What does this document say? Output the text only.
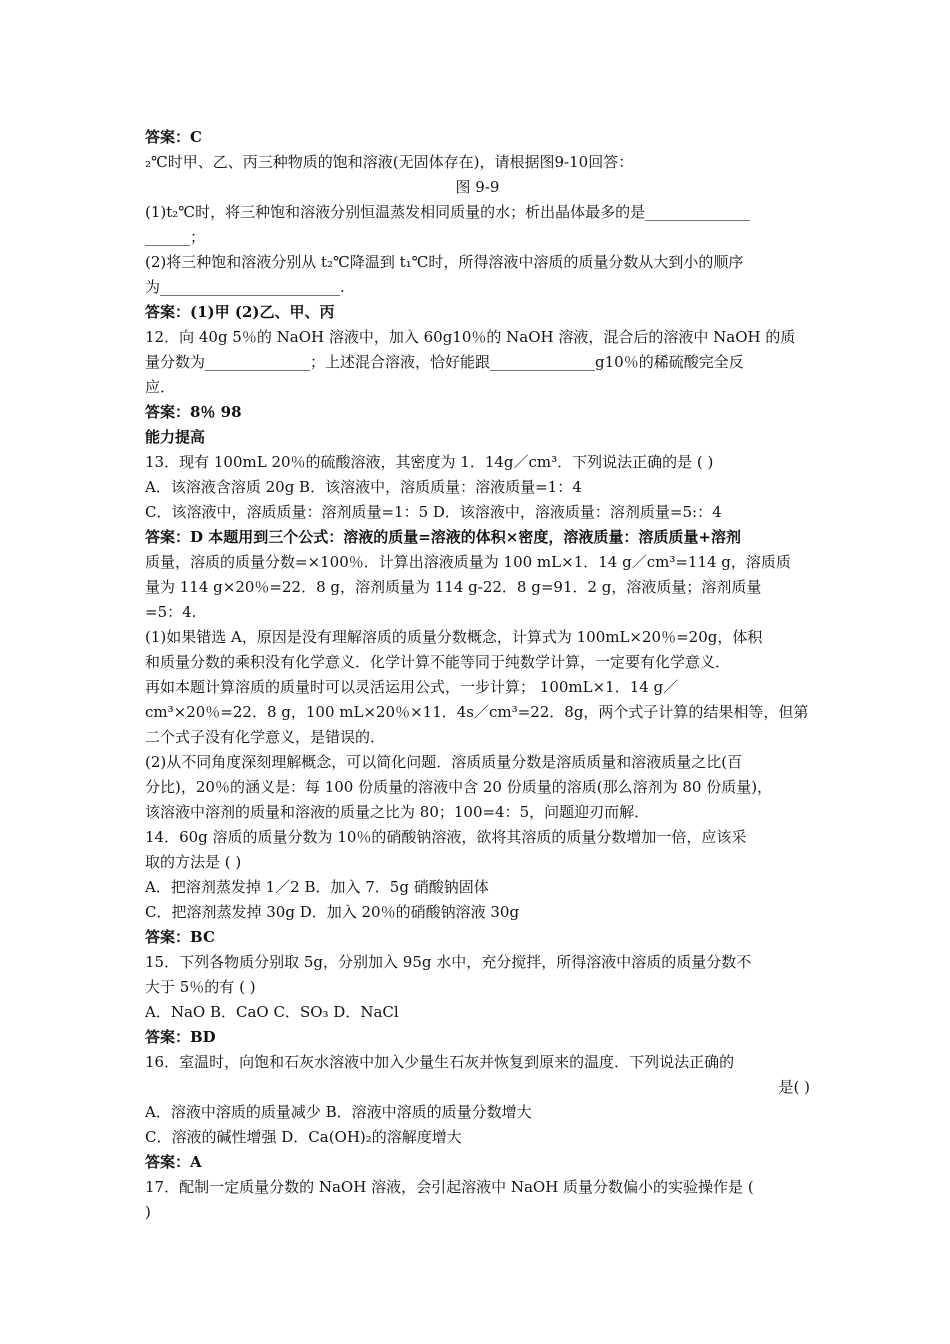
答案：C
₂℃时甲、乙、丙三种物质的饱和溶液(无固体存在)，请根据图9-10回答：
图 9-9
(1)t₂℃时，将三种饱和溶液分别恒温蒸发相同质量的水；析出晶体最多的是______________
______；
(2)将三种饱和溶液分别从 t₂℃降温到 t₁℃时，所得溶液中溶质的质量分数从大到小的顺序
为________________________.
答案：(1)甲 (2)乙、甲、丙
12．向 40g 5％的 NaOH 溶液中，加入 60g10％的 NaOH 溶液，混合后的溶液中 NaOH 的质
量分数为______________；上述混合溶液，恰好能跟______________g10％的稀硫酸完全反
应．
答案：8％ 98
能力提高
13．现有 100mL 20％的硫酸溶液，其密度为 1．14g／cm³．下列说法正确的是 ( )
A．该溶液含溶质 20g B．该溶液中，溶质质量：溶液质量=1：4
C．该溶液中，溶质质量：溶剂质量=1：5 D．该溶液中，溶液质量：溶剂质量=5:：4
答案：D 本题用到三个公式：溶液的质量=溶液的体积×密度，溶液质量：溶质质量+溶剂
质量，溶质的质量分数=×100％．计算出溶液质量为 100 mL×1．14 g／cm³=114 g，溶质质
量为 114 g×20％=22．8 g，溶剂质量为 114 g-22．8 g=91．2 g，溶液质量；溶剂质量
=5：4.
(1)如果错选 A，原因是没有理解溶质的质量分数概念，计算式为 100mL×20％=20g，体积
和质量分数的乘积没有化学意义．化学计算不能等同于纯数学计算，一定要有化学意义．
再如本题计算溶质的质量时可以灵活运用公式，一步计算； 100mL×1．14 g／
cm³×20％=22．8 g，100 mL×20％×11．4s／cm³=22．8g，两个式子计算的结果相等，但第
二个式子没有化学意义，是错误的．
(2)从不同角度深刻理解概念，可以简化问题．溶质质量分数是溶质质量和溶液质量之比(百
分比)，20％的涵义是：每 100 份质量的溶液中含 20 份质量的溶质(那么溶剂为 80 份质量)，
该溶液中溶剂的质量和溶液的质量之比为 80；100=4：5，问题迎刃而解．
14．60g 溶质的质量分数为 10％的硝酸钠溶液，欲将其溶质的质量分数增加一倍，应该采
取的方法是 ( )
A．把溶剂蒸发掉 1／2 B．加入 7．5g 硝酸钠固体
C．把溶剂蒸发掉 30g D．加入 20％的硝酸钠溶液 30g
答案：BC
15．下列各物质分别取 5g，分别加入 95g 水中，充分搅拌，所得溶液中溶质的质量分数不
大于 5％的有 ( )
A．NaO B．CaO C．SO₃ D．NaCl
答案：BD
16．室温时，向饱和石灰水溶液中加入少量生石灰并恢复到原来的温度．下列说法正确的
是( )
A．溶液中溶质的质量减少 B．溶液中溶质的质量分数增大
C．溶液的碱性增强 D．Ca(OH)₂的溶解度增大
答案：A
17．配制一定质量分数的 NaOH 溶液，会引起溶液中 NaOH 质量分数偏小的实验操作是 (
)
